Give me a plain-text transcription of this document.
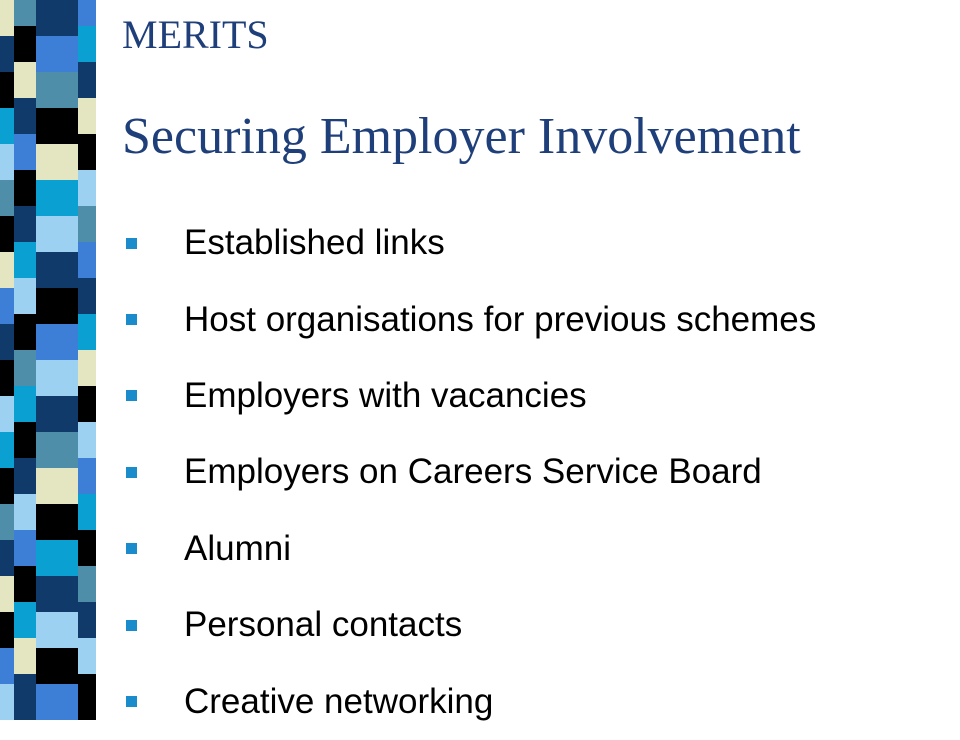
MERITS
Securing Employer Involvement
Established links
Host organisations for previous schemes
Employers with vacancies
Employers on Careers Service Board
Alumni
Personal contacts
Creative networking
